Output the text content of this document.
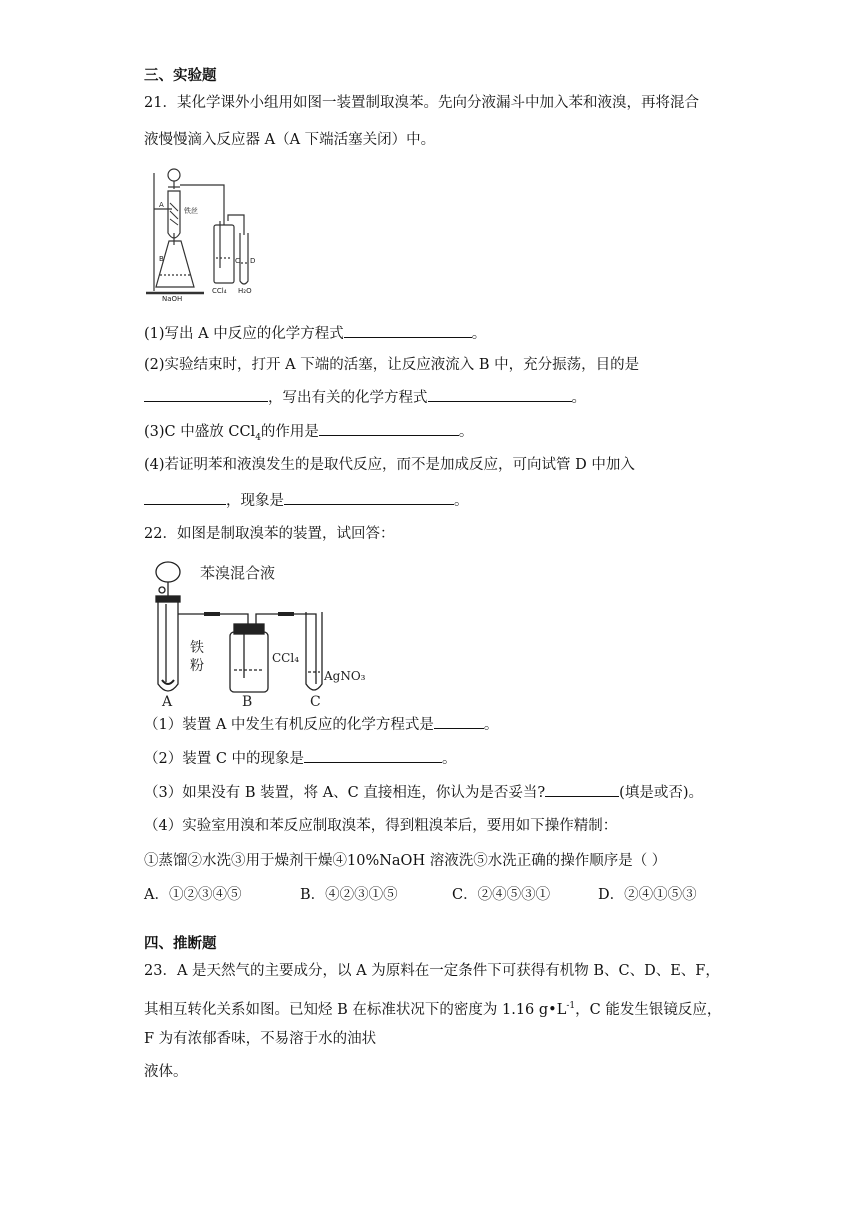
三、实验题
21．某化学课外小组用如图一装置制取溴苯。先向分液漏斗中加入苯和液溴，再将混合
液慢慢滴入反应器 A（A 下端活塞关闭）中。
A
铁丝
B	C D
NaOH
CCl₄ H₂O
(1)写出 A 中反应的化学方程式	。
(2)实验结束时，打开 A 下端的活塞，让反应液流入 B 中，充分振荡，目的是
，写出有关的化学方程式	。
(3)C 中盛放 CCl$_4$的作用是	。
(4)若证明苯和液溴发生的是取代反应，而不是加成反应，可向试管 D 中加入
，现象是	。
22．如图是制取溴苯的装置，试回答：
苯溴混合液
铁
粉	CCl₄
AgNO₃
A	B	C
（1）装置 A 中发生有机反应的化学方程式是	。
（2）装置 C 中的现象是	。
（3）如果没有 B 装置，将 A、C 直接相连，你认为是否妥当?	(填是或否)。
（4）实验室用溴和苯反应制取溴苯，得到粗溴苯后，要用如下操作精制：
①蒸馏②水洗③用于燥剂干燥④10%NaOH 溶液洗⑤水洗正确的操作顺序是（ ）
A．①②③④⑤	B．④②③①⑤	C．②④⑤③①	D．②④①⑤③
四、推断题
23．A 是天然气的主要成分，以 A 为原料在一定条件下可获得有机物 B、C、D、E、F，
其相互转化关系如图。已知烃 B 在标准状况下的密度为 1.16 $g•L^{-1}$，C 能发生银镜反应，
F 为有浓郁香味，不易溶于水的油状
液体。
